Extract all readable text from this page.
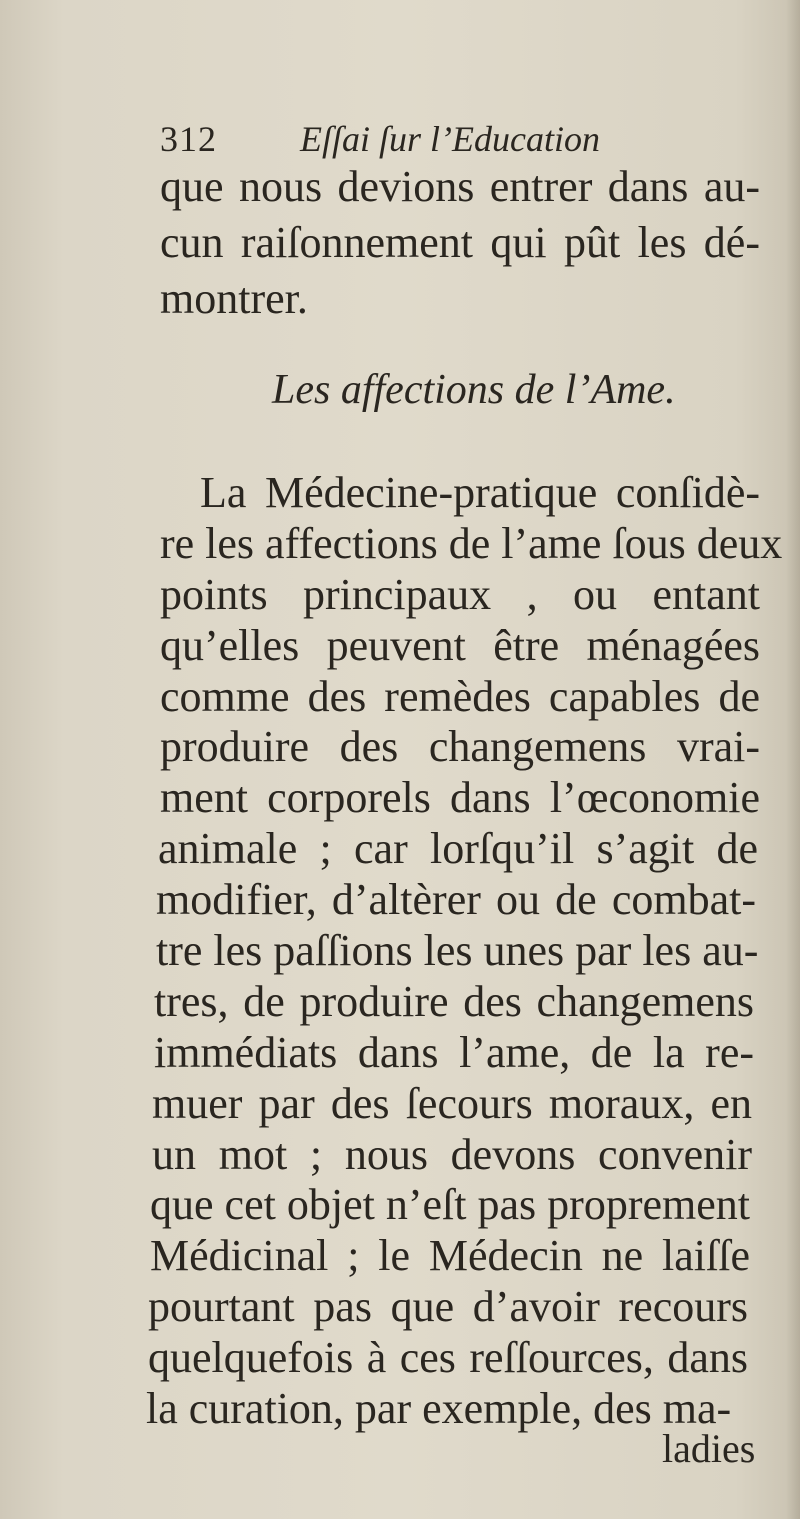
312 Eſſai ſur l’Education
que nous devions entrer dans au-
cun raiſonnement qui pût les dé-
montrer.
Les affections de l’Ame.
La Médecine-pratique conſidè-
re les affections de l’ame ſous deux
points principaux , ou entant
qu’elles peuvent être ménagées
comme des remèdes capables de
produire des changemens vrai-
ment corporels dans l’œconomie
animale ; car lorſqu’il s’agit de
modifier, d’altèrer ou de combat-
tre les paſſions les unes par les au-
tres, de produire des changemens
immédiats dans l’ame, de la re-
muer par des ſecours moraux, en
un mot ; nous devons convenir
que cet objet n’eſt pas proprement
Médicinal ; le Médecin ne laiſſe
pourtant pas que d’avoir recours
quelquefois à ces reſſources, dans
la curation, par exemple, des ma-
ladies
